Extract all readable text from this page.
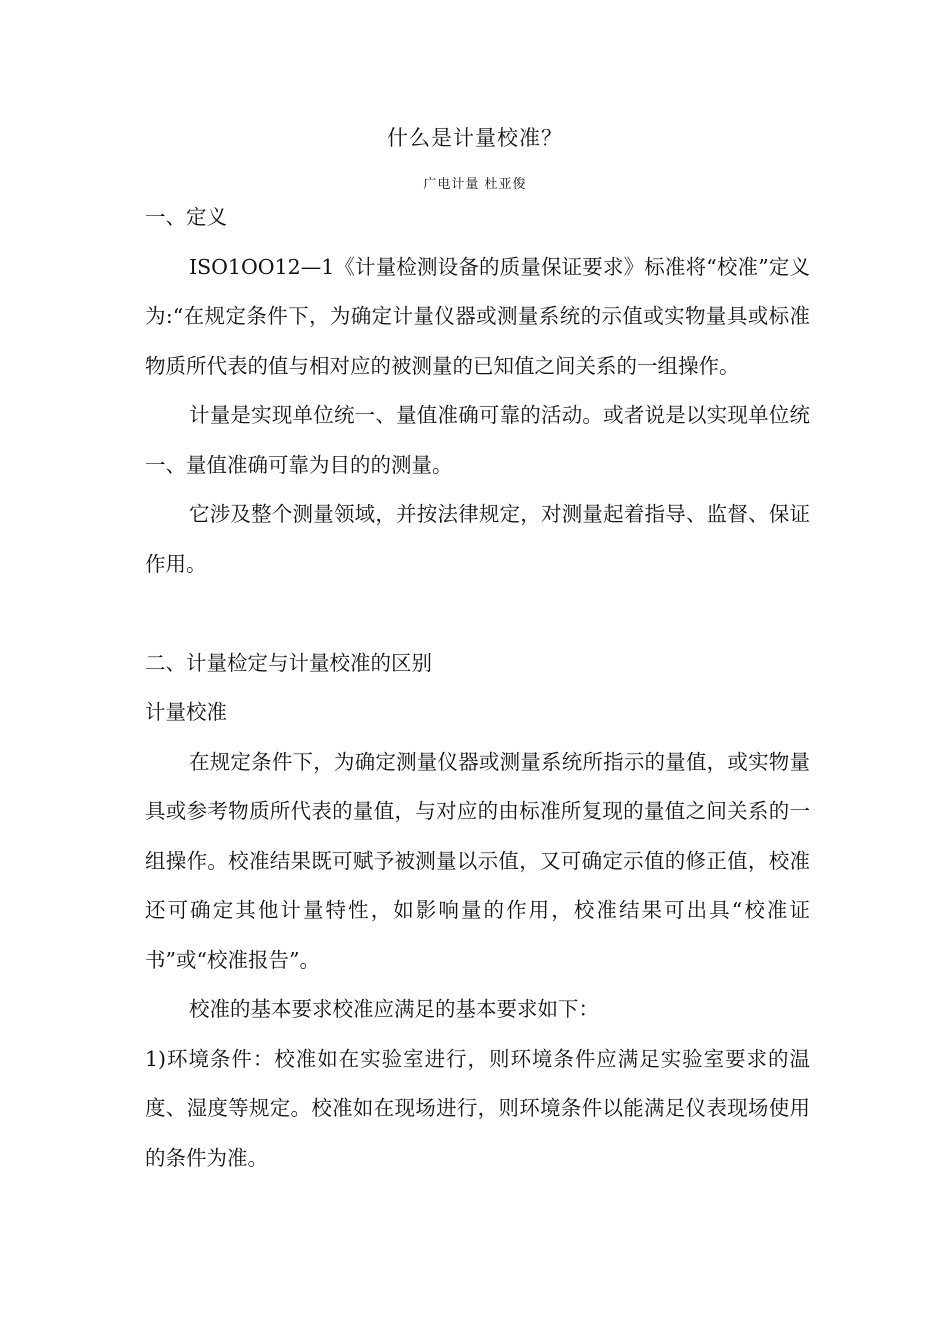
什么是计量校准？
广电计量 杜亚俊

一、定义

ISO1OO12—1《计量检测设备的质量保证要求》标准将“校准”定义为:“在规定条件下，为确定计量仪器或测量系统的示值或实物量具或标准物质所代表的值与相对应的被测量的已知值之间关系的一组操作。

计量是实现单位统一、量值准确可靠的活动。或者说是以实现单位统一、量值准确可靠为目的的测量。

它涉及整个测量领域，并按法律规定，对测量起着指导、监督、保证作用。

二、计量检定与计量校准的区别

计量校准

在规定条件下，为确定测量仪器或测量系统所指示的量值，或实物量具或参考物质所代表的量值，与对应的由标准所复现的量值之间关系的一组操作。校准结果既可赋予被测量以示值，又可确定示值的修正值，校准还可确定其他计量特性，如影响量的作用，校准结果可出具“校准证书”或“校准报告”。

校准的基本要求校准应满足的基本要求如下：

1)环境条件：校准如在实验室进行，则环境条件应满足实验室要求的温度、湿度等规定。校准如在现场进行，则环境条件以能满足仪表现场使用的条件为准。
